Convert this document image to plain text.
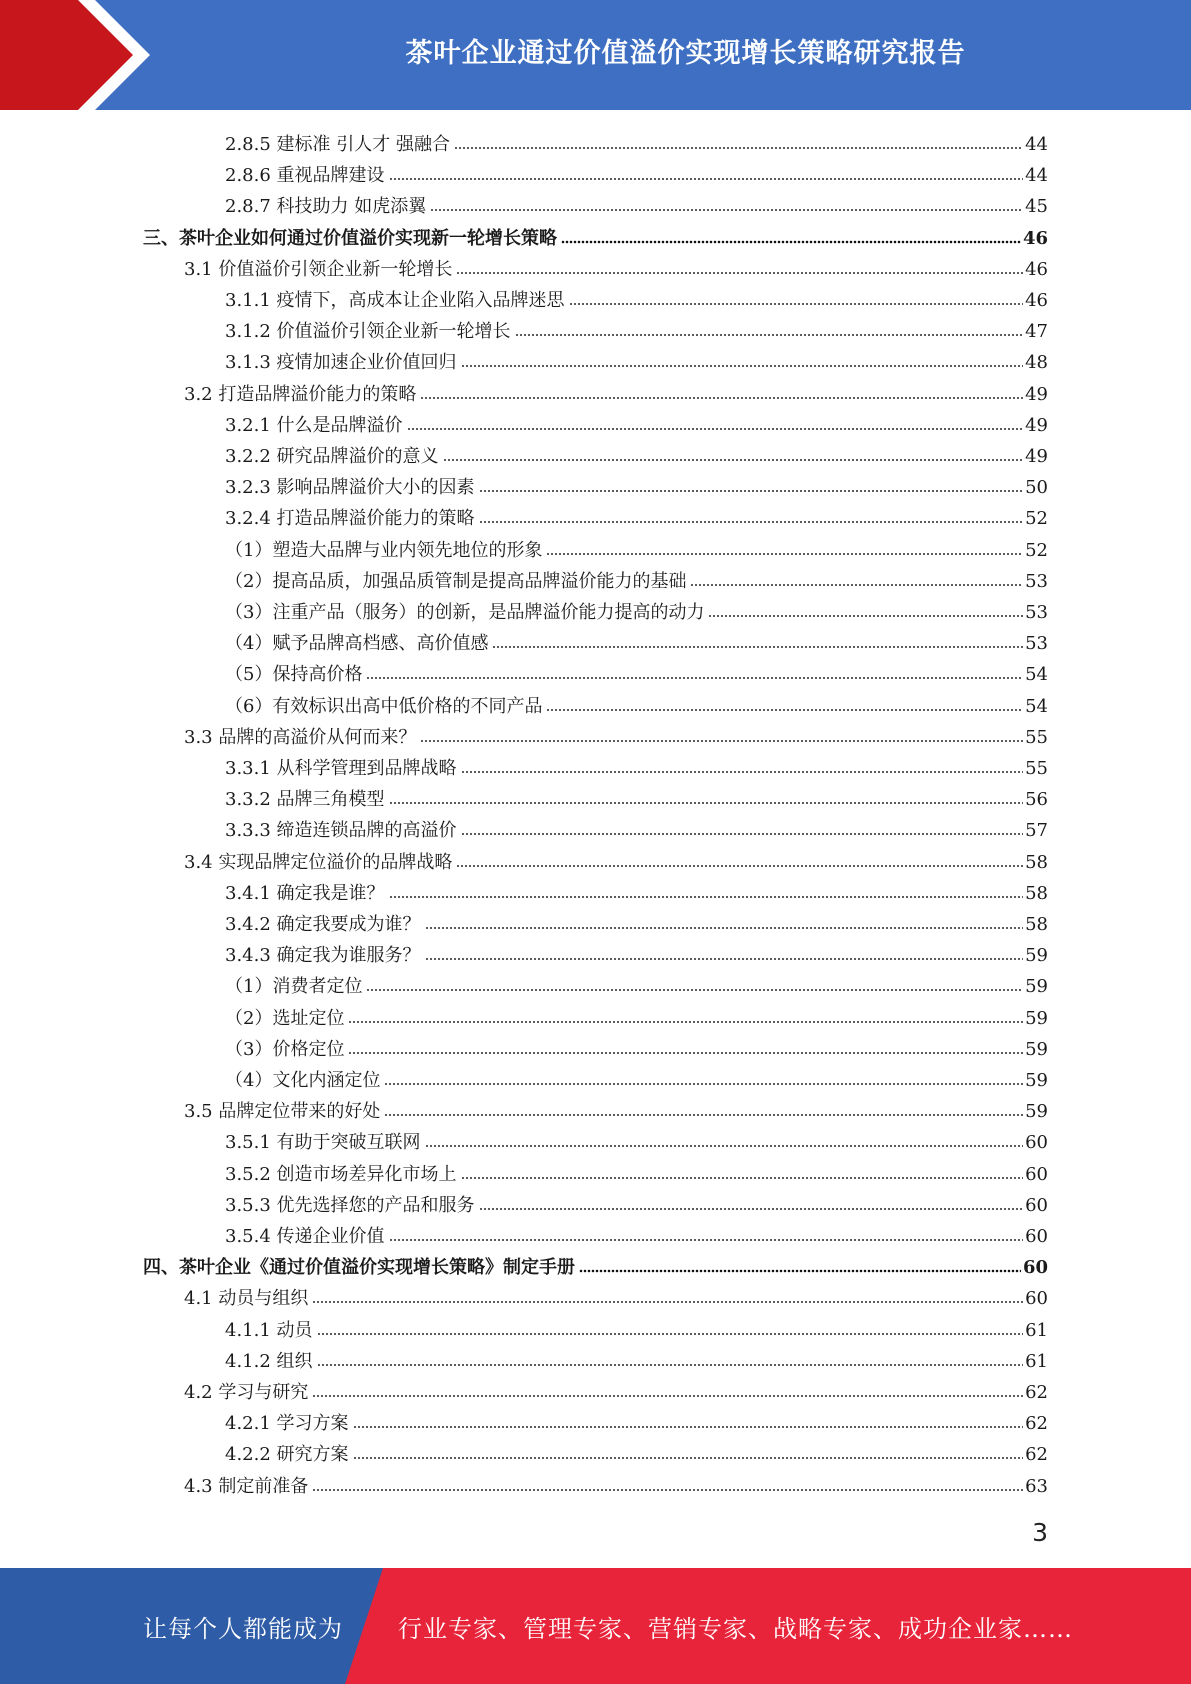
茶叶企业通过价值溢价实现增长策略研究报告
2.8.5 建标准 引人才 强融合	44
2.8.6 重视品牌建设	44
2.8.7 科技助力 如虎添翼	45
三、茶叶企业如何通过价值溢价实现新一轮增长策略	46
3.1 价值溢价引领企业新一轮增长	46
3.1.1 疫情下，高成本让企业陷入品牌迷思	46
3.1.2 价值溢价引领企业新一轮增长	47
3.1.3 疫情加速企业价值回归	48
3.2 打造品牌溢价能力的策略	49
3.2.1 什么是品牌溢价	49
3.2.2 研究品牌溢价的意义	49
3.2.3 影响品牌溢价大小的因素	50
3.2.4 打造品牌溢价能力的策略	52
（1）塑造大品牌与业内领先地位的形象	52
（2）提高品质，加强品质管制是提高品牌溢价能力的基础	53
（3）注重产品（服务）的创新，是品牌溢价能力提高的动力	53
（4）赋予品牌高档感、高价值感	53
（5）保持高价格	54
（6）有效标识出高中低价格的不同产品	54
3.3 品牌的高溢价从何而来？	55
3.3.1 从科学管理到品牌战略	55
3.3.2 品牌三角模型	56
3.3.3 缔造连锁品牌的高溢价	57
3.4 实现品牌定位溢价的品牌战略	58
3.4.1 确定我是谁？	58
3.4.2 确定我要成为谁？	58
3.4.3 确定我为谁服务？	59
（1）消费者定位	59
（2）选址定位	59
（3）价格定位	59
（4）文化内涵定位	59
3.5 品牌定位带来的好处	59
3.5.1 有助于突破互联网	60
3.5.2 创造市场差异化市场上	60
3.5.3 优先选择您的产品和服务	60
3.5.4 传递企业价值	60
四、茶叶企业《通过价值溢价实现增长策略》制定手册	60
4.1 动员与组织	60
4.1.1 动员	61
4.1.2 组织	61
4.2 学习与研究	62
4.2.1 学习方案	62
4.2.2 研究方案	62
4.3 制定前准备	63
3
让每个人都能成为 行业专家、管理专家、营销专家、战略专家、成功企业家……
